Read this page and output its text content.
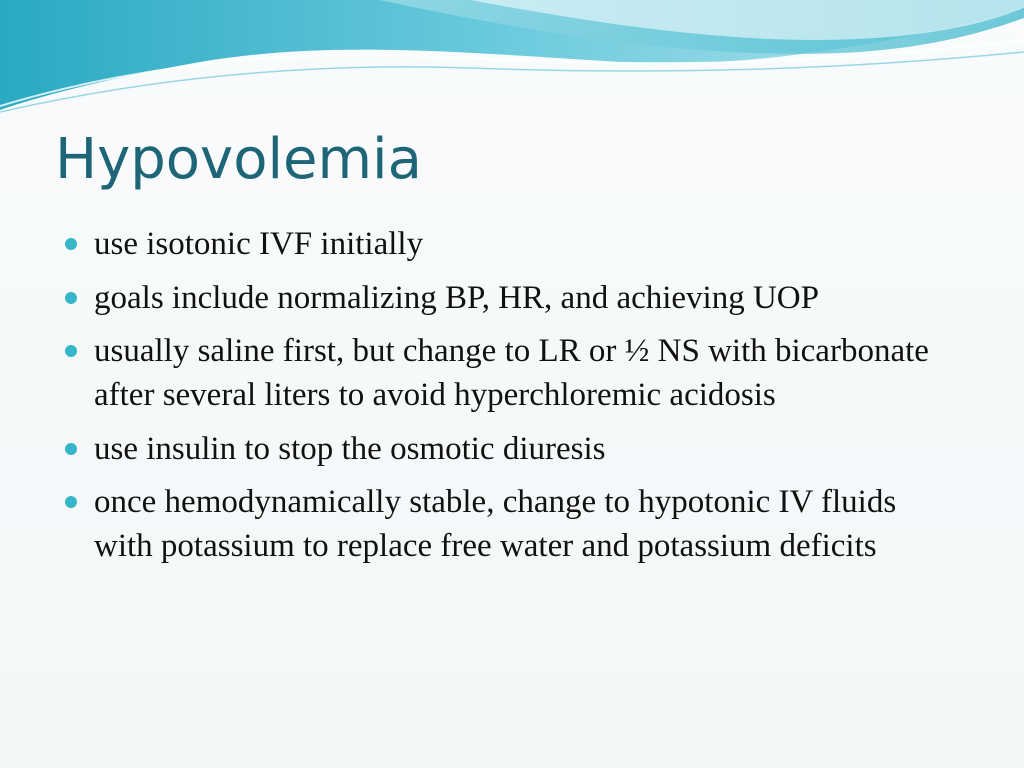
Hypovolemia
use isotonic IVF initially
goals include normalizing BP, HR, and achieving UOP
usually saline first, but change to LR or ½ NS with bicarbonate after several liters to avoid hyperchloremic acidosis
use insulin to stop the osmotic diuresis
once hemodynamically stable, change to hypotonic IV fluids with potassium to replace free water and potassium deficits
